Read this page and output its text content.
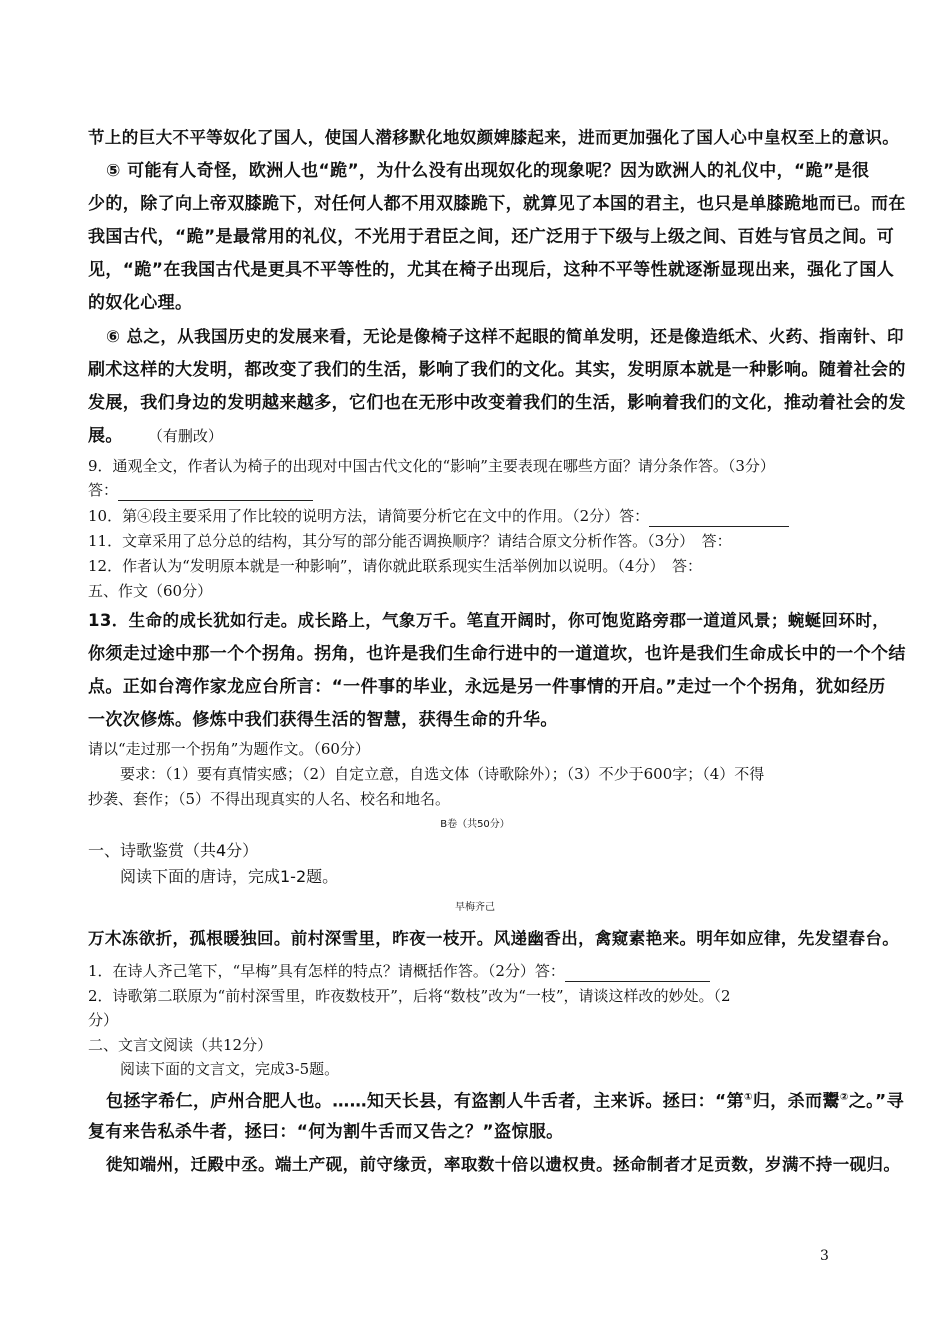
节上的巨大不平等奴化了国人，使国人潜移默化地奴颜婢膝起来，进而更加强化了国人心中皇权至上的意识。
⑤ 可能有人奇怪，欧洲人也“跪”，为什么没有出现奴化的现象呢？因为欧洲人的礼仪中，“跪”是很
少的，除了向上帝双膝跪下，对任何人都不用双膝跪下，就算见了本国的君主，也只是单膝跪地而已。而在
我国古代，“跪”是最常用的礼仪，不光用于君臣之间，还广泛用于下级与上级之间、百姓与官员之间。可
见，“跪”在我国古代是更具不平等性的，尤其在椅子出现后，这种不平等性就逐渐显现出来，强化了国人
的奴化心理。
⑥ 总之，从我国历史的发展来看，无论是像椅子这样不起眼的简单发明，还是像造纸术、火药、指南针、印
刷术这样的大发明，都改变了我们的生活，影响了我们的文化。其实，发明原本就是一种影响。随着社会的
发展，我们身边的发明越来越多，它们也在无形中改变着我们的生活，影响着我们的文化，推动着社会的发
展。 （有删改）
9．通观全文，作者认为椅子的出现对中国古代文化的“影响”主要表现在哪些方面？请分条作答。（3分）
答：
10．第④段主要采用了作比较的说明方法，请简要分析它在文中的作用。（2分）答：
11．文章采用了总分总的结构，其分写的部分能否调换顺序？请结合原文分析作答。（3分）　答：
12．作者认为“发明原本就是一种影响”，请你就此联系现实生活举例加以说明。（4分）　答：
五、作文（60分）
13．生命的成长犹如行走。成长路上，气象万千。笔直开阔时，你可饱览路旁郡一道道风景；蜿蜒回环时，
你须走过途中那一个个拐角。拐角，也许是我们生命行进中的一道道坎，也许是我们生命成长中的一个个结
点。正如台湾作家龙应台所言：“一件事的毕业，永远是另一件事情的开启。”走过一个个拐角，犹如经历
一次次修炼。修炼中我们获得生活的智慧，获得生命的升华。
请以“走过那一个拐角”为题作文。（60分）
要求：（1）要有真情实感；（2）自定立意，自选文体（诗歌除外）；（3）不少于600字；（4）不得
抄袭、套作；（5）不得出现真实的人名、校名和地名。
B卷（共50分）
一、诗歌鉴赏（共4分）
阅读下面的唐诗，完成1-2题。
早梅齐己
万木冻欲折，孤根暖独回。前村深雪里，昨夜一枝开。风递幽香出，禽窥素艳来。明年如应律，先发望春台。
1．在诗人齐己笔下，“早梅”具有怎样的特点？请概括作答。（2分）答：
2．诗歌第二联原为“前村深雪里，昨夜数枝开”，后将“数枝”改为“一枝”，请谈这样改的妙处。（2
分）
二、文言文阅读（共12分）
阅读下面的文言文，完成3-5题。
包拯字希仁，庐州合肥人也。……知天长县，有盗割人牛舌者，主来诉。拯曰：“第①归，杀而鬻②之。”寻
复有来告私杀牛者，拯曰：“何为割牛舌而又告之？”盗惊服。
徙知端州，迁殿中丞。端土产砚，前守缘贡，率取数十倍以遗权贵。拯命制者才足贡数，岁满不持一砚归。
3
